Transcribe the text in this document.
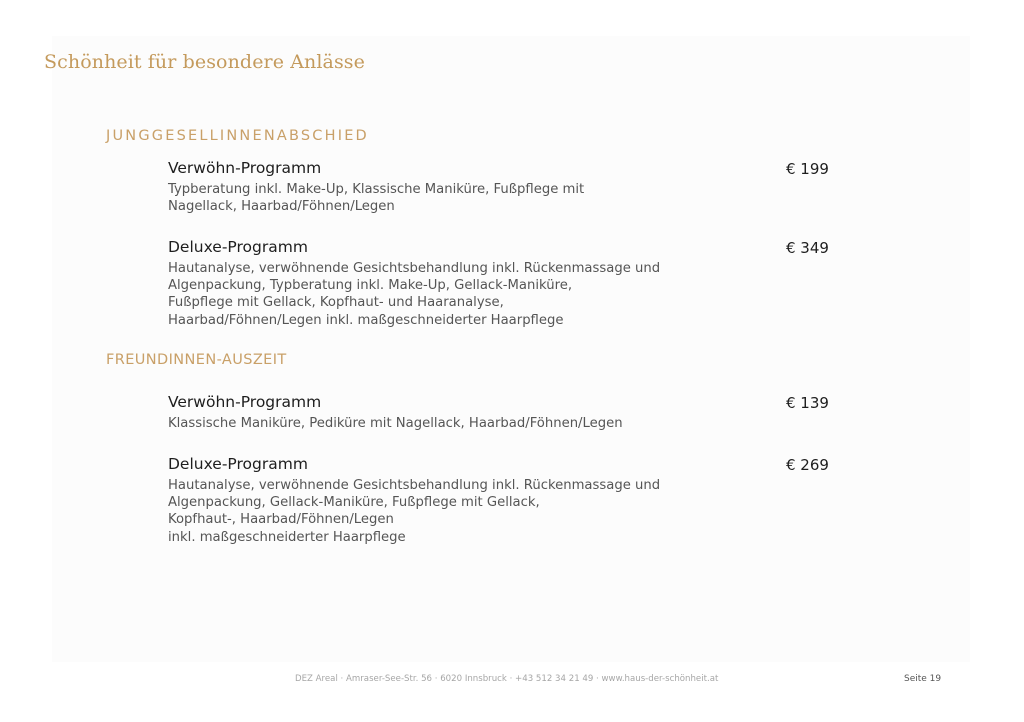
Schönheit für besondere Anlässe
JUNGGESELLINNENABSCHIED
Verwöhn-Programm	€ 199
Typberatung inkl. Make-Up, Klassische Maniküre, Fußpflege mit
Nagellack, Haarbad/Föhnen/Legen
Deluxe-Programm	€ 349
Hautanalyse, verwöhnende Gesichtsbehandlung inkl. Rückenmassage und
Algenpackung, Typberatung inkl. Make-Up, Gellack-Maniküre,
Fußpflege mit Gellack, Kopfhaut- und Haaranalyse,
Haarbad/Föhnen/Legen inkl. maßgeschneiderter Haarpflege
FREUNDINNEN-AUSZEIT
Verwöhn-Programm	€ 139
Klassische Maniküre, Pediküre mit Nagellack, Haarbad/Föhnen/Legen
Deluxe-Programm	€ 269
Hautanalyse, verwöhnende Gesichtsbehandlung inkl. Rückenmassage und
Algenpackung, Gellack-Maniküre, Fußpflege mit Gellack,
Kopfhaut-, Haarbad/Föhnen/Legen
inkl. maßgeschneiderter Haarpflege
DEZ Areal · Amraser-See-Str. 56 · 6020 Innsbruck · +43 512 34 21 49 · www.haus-der-schönheit.at	Seite 19
